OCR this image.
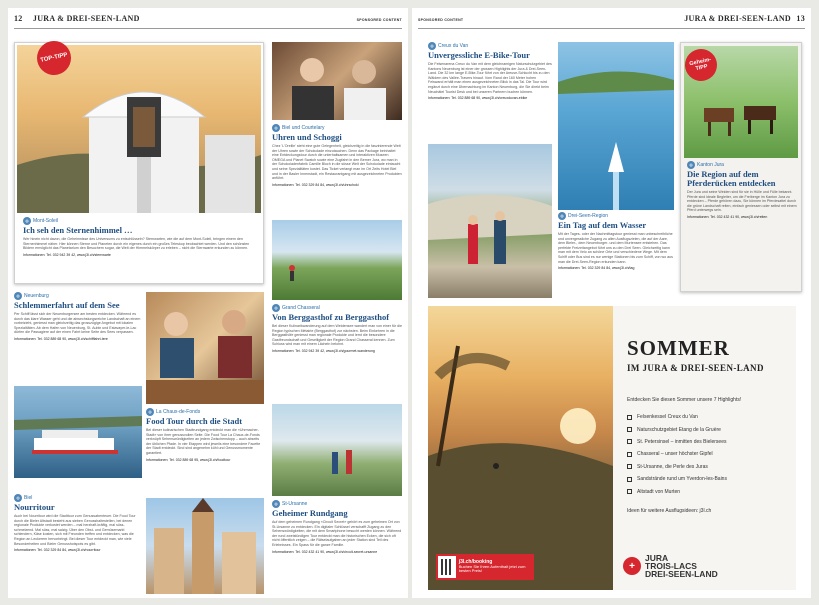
12 JURA & DREI-SEEN-LAND	SPONSORED CONTENT
TOP-TIPP
◎ Mont-Soleil
Ich seh den Sternenhimmel …
Wer hinein nicht davon, die Geheimnisse des Universums zu entschlüsseln? Sternwarten, wie die auf dem Mont-Soleil, bringen einem den Sternenhimmel näher. Hier können Sterne und Planeten durch ein eigenes durch ein großes Teleskop beobachtet werden. Und den schönsten Bildern ermöglicht das Planetarium den Besuchern sogar, die Welt der Himmelskörper zu erleben – nicht die Sternwarte erkunden zu können.
Informationen: Tel. 032 942 39 42, www.j3l.ch/sternwarte
◎ Biel und Courtelary
Uhren und Schoggi
Chez 'L'Oreille' steht eine gute Gelegenheit, gleichzeitig in die faszinierende Welt der Uhren sowie der Schokolade einzutauchen. Denn das Package beinhaltet eine Entdeckungstour durch die unterhaltsamen und interaktiven Museen OMEGA und Planet Swatch sowie eine Zugfahrt in den Berner Jura, wo man in der Schokoladenfabrik Camille Bloch in die süsse Welt der Schokolade eintaucht und seine Spezialitäten kostet. Das Ticket verlangt man im Ort Zeits Hotel Biel und in der Basler Innenstadt, ein Restaurantgang mit ausgezeichneten Produkten anführt.
Informationen: Tel. 032 329 84 84, www.j3l.ch/uhrschoki
◎ Neuenburg
Schlemmerfahrt auf dem See
Per Schiff lässt sich der Neuenburgersee am besten entdecken. Während es durch das klare Wasser geht und die abwechslungsreiche Landschaft an einem vorbeizieht, geniesst man gleichzeitig das grosszügige Angebot mit lokalen Spezialitäten. Ab dem Hafen von Neuenburg, St. Aubin und Estavayer-le-Lac dürfen die Passagiere auf der einen Fahrt keine Seite des Sees verpassen.
Informationen: Tel. 032 889 68 90, www.j3l.ch/schifffahrt-tere
◎ La Chaux-de-Fonds
Food Tour durch die Stadt
Bei dieser kulinarischen Stadtrundgang entdeckt man die «Uhrmacher-Stadt» von ihrer genussvollen Seite. Die Food Tour La Chaux-de-Fonds verknüpft Sehenswürdigkeiten an jedem Zwischenstopp – auch abseits der üblichen Pfade. In vier Etappen wird jeweils eine besondere Facette der Stadt entdeckt. Sind sind angenehm kühl und Genussmomente garantiert.
Informationen: Tel. 032 889 68 95, www.j3l.ch/foodtour
◎ Biel
Nourritour
Auch bei Nourritour wird die Stadttour zum Genussabenteuer. Die Food Tour durch die Bieler Altstadt besteht aus sieben Genusshaltestellen, bei denen regionale Produkte verkostet werden – mal herzhaft-kräftig, mal süss-schmelzend. Mal süss, mal salzig. Über den Obst- und Gemüsemarkt schlendern, Käse kosten, sich mit Freunden treffen und entdecken, was die Region an Leckerem hervorbringt. Bei dieser Tour entdeckt man, wie viele Besonderheiten und Bieler Genusshotspots es gibt.
Informationen: Tel. 032 329 84 84, www.j3l.ch/nourritour
◎ Grand Chasseral
Von Berggasthof zu Berggasthof
Bei dieser Kulinarikwanderung auf dem Weidensee wandert man von einer für die Region typischen Métairie (Berggasthof) zur nächsten. Beim Einkehren in die Berggasthöfe geniesst man regionale Produkte und lernt die besondere Gastfreundschaft und Geselligkeit der Region Grand Chasseral kennen. Zum Schluss wird man mit einem Lächeln belohnt.
Informationen: Tel. 032 942 39 42, www.j3l.ch/gourmet-wanderung
◎ St-Ursanne
Geheimer Rundgang
Auf dem geheimen Rundgang «Circuit Secret» gehört es zum geheimen Ort von St-Ursanne zu entdecken. Ein digitaler Schlüssel verschafft Zugang zu den Sehenswürdigkeiten, die mit dem Smartphone besucht werden können. Während der rund zweistündigen Tour entdeckt man die historischen Ecken, die sich oft nicht öffentlich zeigen – die Rätselaufgaben an jeder Station sind Teil des Erlebnisses. Ein Spass für die ganze Familie.
Informationen: Tel. 032 432 41 90, www.j3l.ch/circuit-secret-ursanne
SPONSORED CONTENT	JURA & DREI-SEEN-LAND 13
◎ Creux du Van
Unvergessliche E-Bike-Tour
Die Felsenarena Creux du Van mit dem gleichnamigen Naturschutzgebiet des Kantons Neuenburg ist einer der grossen Highlights der Jura & Drei-Seen-Land. Die 32 km lange E-Bike-Tour führt von der Areuse-Schlucht bis zu den Wäldern des Vallée-Travers hinauf. Vom Rand der 160 Meter hohen Felswand erhält man einen ausgezeichneten Blick in das Tal. Die Tour wird ergänzt durch eine Übernachtung im Kanton Neuenburg, die Sie direkt beim Neuchâtel Tourist Desk und bei unseren Partnern buchen können.
Informationen: Tel. 032 889 68 90, www.j3l.ch/creuxduvan-ebike
◎ Drei-Seen-Region
Ein Tag auf dem Wasser
Mit der Tages- oder der Nachmittagstour geniesst man unbeschreibliche und unvergessliche Zugang zu allen Ausflugszielen, die auf der Aare, dem Bieler-, dem Neuenburger- und dem Murtensee entstehen. Das perfekte Freizeitangebot führt uns zu den Drei Seen. Gleichzeitig kann man mit dem Velo an schöne Orte und verschiedene Wege. Mit dem Schiff oder Bus sind es nur wenige Stationen bis zum Schiff, von wo aus man die Drei-Seen-Region erkunden kann.
Informationen: Tel. 032 329 84 84, www.j3l.ch/tag
Geheim-TIPP
◎ Kanton Jura
Die Region auf dem Pferderücken entdecken
Der Jura und seine Weiden sind für sie in Hülle und Fülle bekannt. Pferde sind ideale Begleiter, um die Freiberge im Kanton Jura zu entdecken – Pferde gehören dazu, Sie können im Pferdesattel durch die grüne Landschaft reiten, einfach geniessen oder selbst mit einem Pferd unterwegs sein.
Informationen: Tel. 032 432 41 90, www.j3l.ch/reiten
j3l.ch/booking
Buchen Sie Ihren Aufenthalt jetzt zum besten Preis!
SOMMER
IM JURA & DREI-SEEN-LAND
Entdecken Sie diesen Sommer unsere 7 Highlights!
Felsenkessel Creux du Van
Naturschutzgebiet Etang de la Gruère
St. Petersinsel – inmitten des Bielersees
Chasseral – unser höchster Gipfel
St-Ursanne, die Perle des Juras
Sandstrände rund um Yverdon-les-Bains
Altstadt von Murten
Ideen für weitere Ausflugsideen: j3l.ch
+
JURA
TROIS-LACS
DREI-SEEN-LAND
